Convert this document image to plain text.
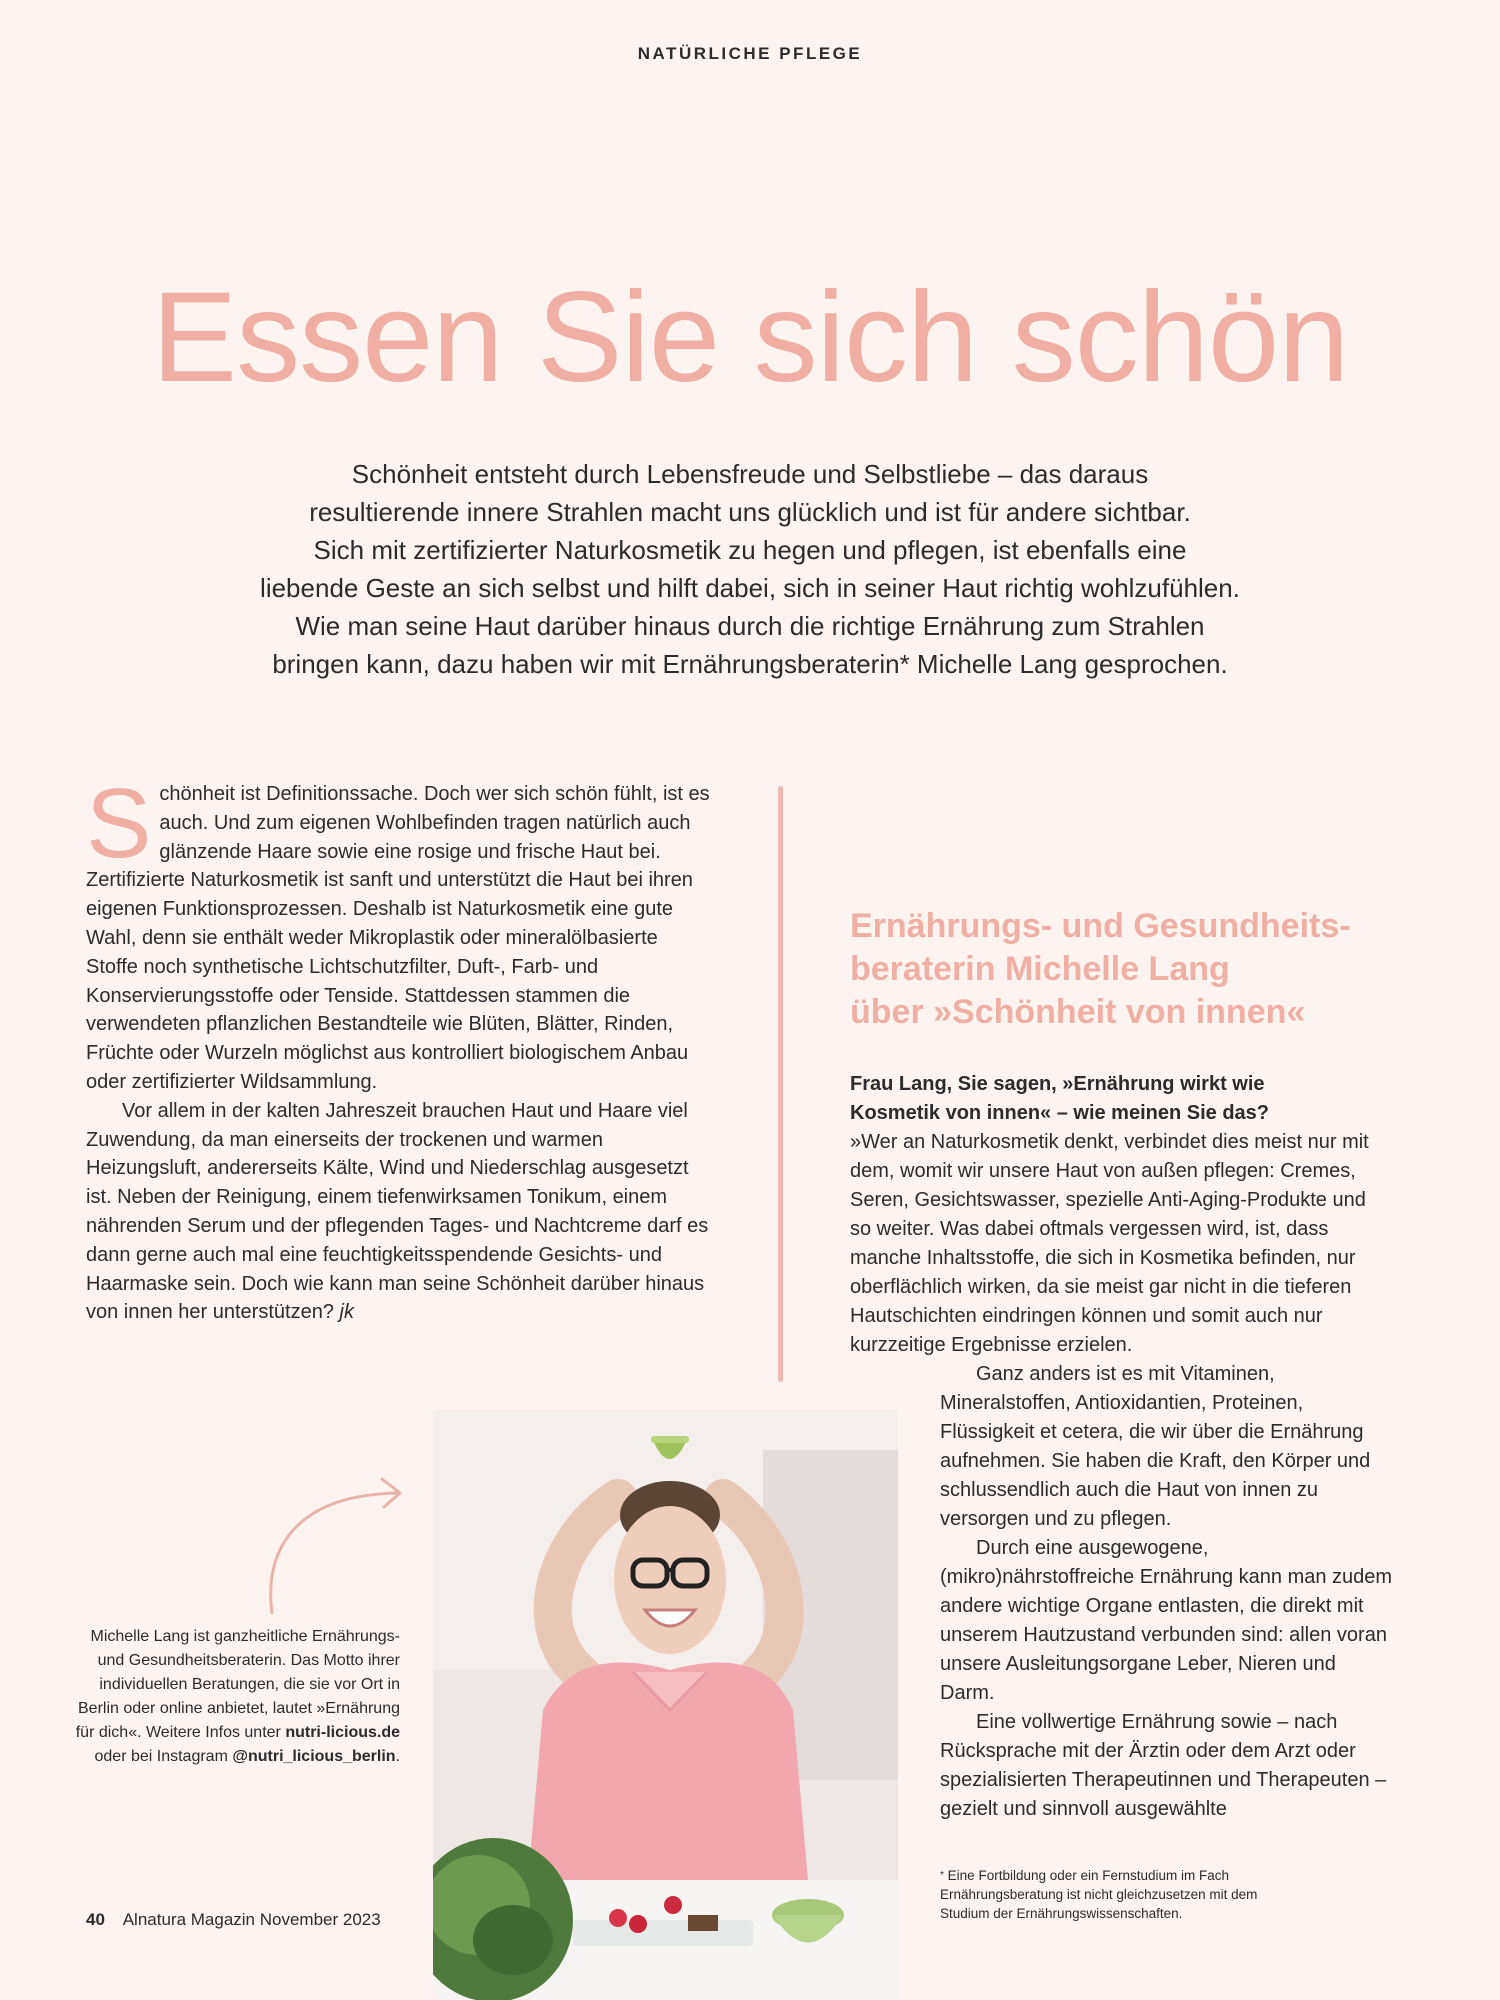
NATÜRLICHE PFLEGE
Essen Sie sich schön
Schönheit entsteht durch Lebensfreude und Selbstliebe – das daraus
resultierende innere Strahlen macht uns glücklich und ist für andere sichtbar.
Sich mit zertifizierter Naturkosmetik zu hegen und pflegen, ist ebenfalls eine
liebende Geste an sich selbst und hilft dabei, sich in seiner Haut richtig wohlzufühlen.
Wie man seine Haut darüber hinaus durch die richtige Ernährung zum Strahlen
bringen kann, dazu haben wir mit Ernährungsberaterin* Michelle Lang gesprochen.

Schönheit ist Definitionssache. Doch wer sich schön fühlt, ist es auch. Und zum eigenen Wohlbefinden tragen natürlich auch glänzende Haare sowie eine rosige und frische Haut bei. Zertifizierte Naturkosmetik ist sanft und unterstützt die Haut bei ihren eigenen Funktionsprozessen. Deshalb ist Naturkosmetik eine gute Wahl, denn sie enthält weder Mikroplastik oder mineralölbasierte Stoffe noch synthetische Lichtschutzfilter, Duft-, Farb- und Konservierungsstoffe oder Tenside. Stattdessen stammen die verwendeten pflanzlichen Bestandteile wie Blüten, Blätter, Rinden, Früchte oder Wurzeln möglichst aus kontrolliert biologischem Anbau oder zertifizierter Wildsammlung.

Vor allem in der kalten Jahreszeit brauchen Haut und Haare viel Zuwendung, da man einerseits der trockenen und warmen Heizungsluft, andererseits Kälte, Wind und Niederschlag ausgesetzt ist. Neben der Reinigung, einem tiefenwirksamen Tonikum, einem nährenden Serum und der pflegenden Tages- und Nachtcreme darf es dann gerne auch mal eine feuchtigkeitsspendende Gesichts- und Haarmaske sein. Doch wie kann man seine Schönheit darüber hinaus von innen her unterstützen? jk

Ernährungs- und Gesundheits-
beraterin Michelle Lang
über »Schönheit von innen«
Frau Lang, Sie sagen, »Ernährung wirkt wie
Kosmetik von innen« – wie meinen Sie das?

»Wer an Naturkosmetik denkt, verbindet dies meist nur mit dem, womit wir unsere Haut von außen pflegen: Cremes, Seren, Gesichtswasser, spezielle Anti-Aging-Produkte und so weiter. Was dabei oftmals vergessen wird, ist, dass manche Inhaltsstoffe, die sich in Kosmetika befinden, nur oberflächlich wirken, da sie meist gar nicht in die tieferen Hautschichten eindringen können und somit auch nur kurzzeitige Ergebnisse erzielen.

Ganz anders ist es mit Vitaminen, Mineralstoffen, Antioxidantien, Proteinen, Flüssigkeit et cetera, die wir über die Ernährung aufnehmen. Sie haben die Kraft, den Körper und schlussendlich auch die Haut von innen zu versorgen und zu pflegen.

Durch eine ausgewogene, (mikro)nährstoffreiche Ernährung kann man zudem andere wichtige Organe entlasten, die direkt mit unserem Hautzustand verbunden sind: allen voran unsere Ausleitungsorgane Leber, Nieren und Darm.

Eine vollwertige Ernährung sowie – nach Rücksprache mit der Ärztin oder dem Arzt oder spezialisierten Therapeutinnen und Therapeuten – gezielt und sinnvoll ausgewählte

Michelle Lang ist ganzheitliche Ernährungs- und Gesundheitsberaterin. Das Motto ihrer individuellen Beratungen, die sie vor Ort in Berlin oder online anbietet, lautet »Ernährung für dich«. Weitere Infos unter nutri-licious.de oder bei Instagram @nutri_licious_berlin.
* Eine Fortbildung oder ein Fernstudium im Fach Ernährungsberatung ist nicht gleichzusetzen mit dem Studium der Ernährungswissenschaften.
40 Alnatura Magazin November 2023
